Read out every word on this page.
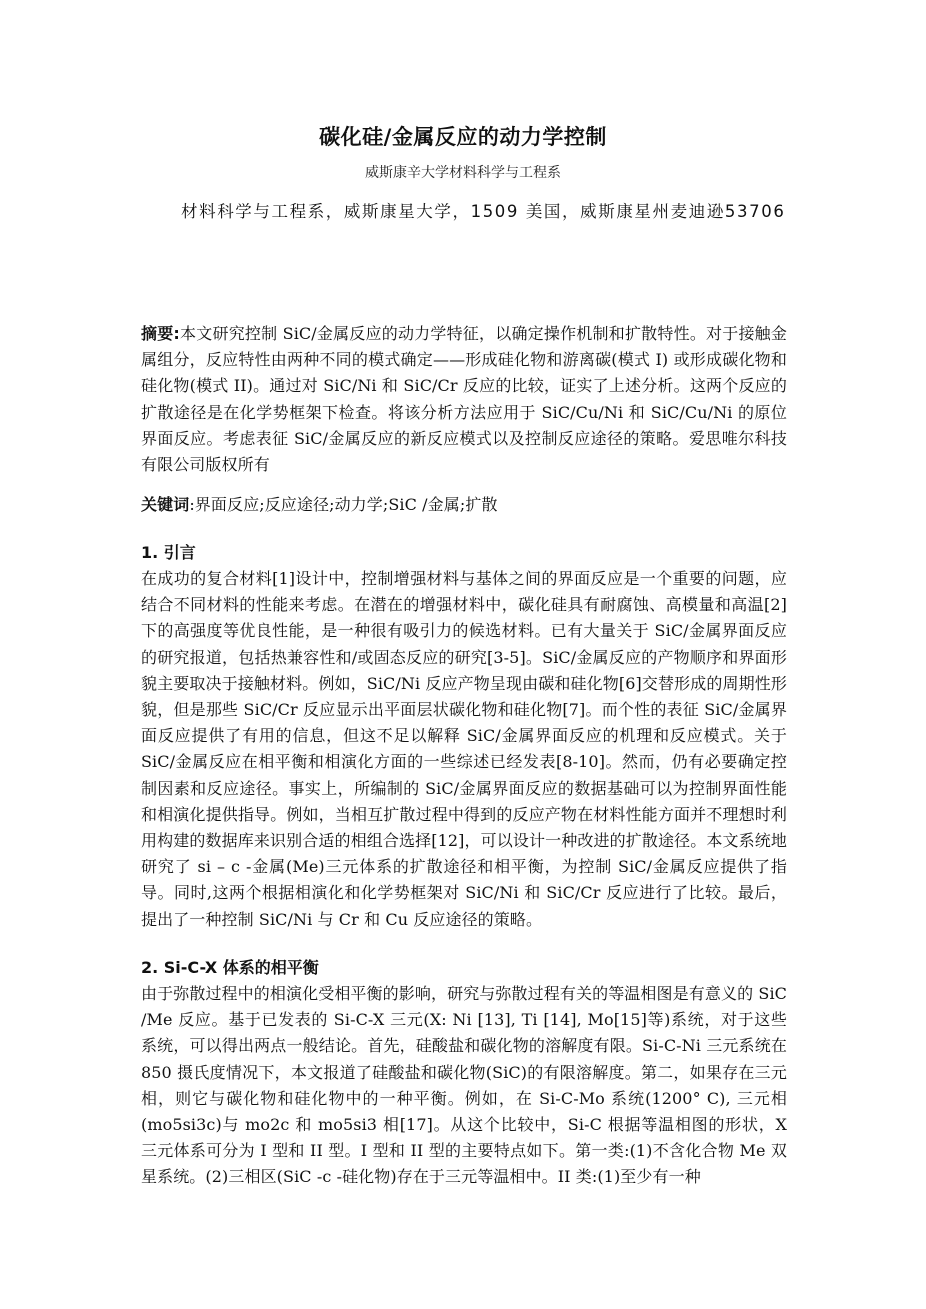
碳化硅/金属反应的动力学控制
威斯康辛大学材料科学与工程系
材料科学与工程系，威斯康星大学，1509 美国，威斯康星州麦迪逊53706
摘要:本文研究控制 SiC/金属反应的动力学特征，以确定操作机制和扩散特性。对于接触金属组分，反应特性由两种不同的模式确定——形成硅化物和游离碳(模式 I) 或形成碳化物和硅化物(模式 II)。通过对 SiC/Ni 和 SiC/Cr 反应的比较，证实了上述分析。这两个反应的扩散途径是在化学势框架下检查。将该分析方法应用于 SiC/Cu/Ni 和 SiC/Cu/Ni 的原位界面反应。考虑表征 SiC/金属反应的新反应模式以及控制反应途径的策略。爱思唯尔科技有限公司版权所有
关键词:界面反应;反应途径;动力学;SiC /金属;扩散
1. 引言
在成功的复合材料[1]设计中，控制增强材料与基体之间的界面反应是一个重要的问题，应结合不同材料的性能来考虑。在潜在的增强材料中，碳化硅具有耐腐蚀、高模量和高温[2]下的高强度等优良性能，是一种很有吸引力的候选材料。已有大量关于 SiC/金属界面反应的研究报道，包括热兼容性和/或固态反应的研究[3-5]。SiC/金属反应的产物顺序和界面形貌主要取决于接触材料。例如，SiC/Ni 反应产物呈现由碳和硅化物[6]交替形成的周期性形貌，但是那些 SiC/Cr 反应显示出平面层状碳化物和硅化物[7]。而个性的表征 SiC/金属界面反应提供了有用的信息，但这不足以解释 SiC/金属界面反应的机理和反应模式。关于 SiC/金属反应在相平衡和相演化方面的一些综述已经发表[8-10]。然而，仍有必要确定控制因素和反应途径。事实上，所编制的 SiC/金属界面反应的数据基础可以为控制界面性能和相演化提供指导。例如，当相互扩散过程中得到的反应产物在材料性能方面并不理想时利用构建的数据库来识别合适的相组合选择[12]，可以设计一种改进的扩散途径。本文系统地研究了 si – c -金属(Me)三元体系的扩散途径和相平衡，为控制 SiC/金属反应提供了指导。同时,这两个根据相演化和化学势框架对 SiC/Ni 和 SiC/Cr 反应进行了比较。最后，提出了一种控制 SiC/Ni 与 Cr 和 Cu 反应途径的策略。
2. Si-C-X 体系的相平衡
由于弥散过程中的相演化受相平衡的影响，研究与弥散过程有关的等温相图是有意义的 SiC /Me 反应。基于已发表的 Si-C-X 三元(X: Ni [13], Ti [14], Mo[15]等)系统，对于这些系统，可以得出两点一般结论。首先，硅酸盐和碳化物的溶解度有限。Si-C-Ni 三元系统在 850 摄氏度情况下，本文报道了硅酸盐和碳化物(SiC)的有限溶解度。第二，如果存在三元相，则它与碳化物和硅化物中的一种平衡。例如，在 Si-C-Mo 系统(1200° C), 三元相(mo5si3c)与 mo2c 和 mo5si3 相[17]。从这个比较中，Si-C 根据等温相图的形状，X 三元体系可分为 I 型和 II 型。I 型和 II 型的主要特点如下。第一类:(1)不含化合物 Me 双星系统。(2)三相区(SiC -c -硅化物)存在于三元等温相中。II 类:(1)至少有一种
